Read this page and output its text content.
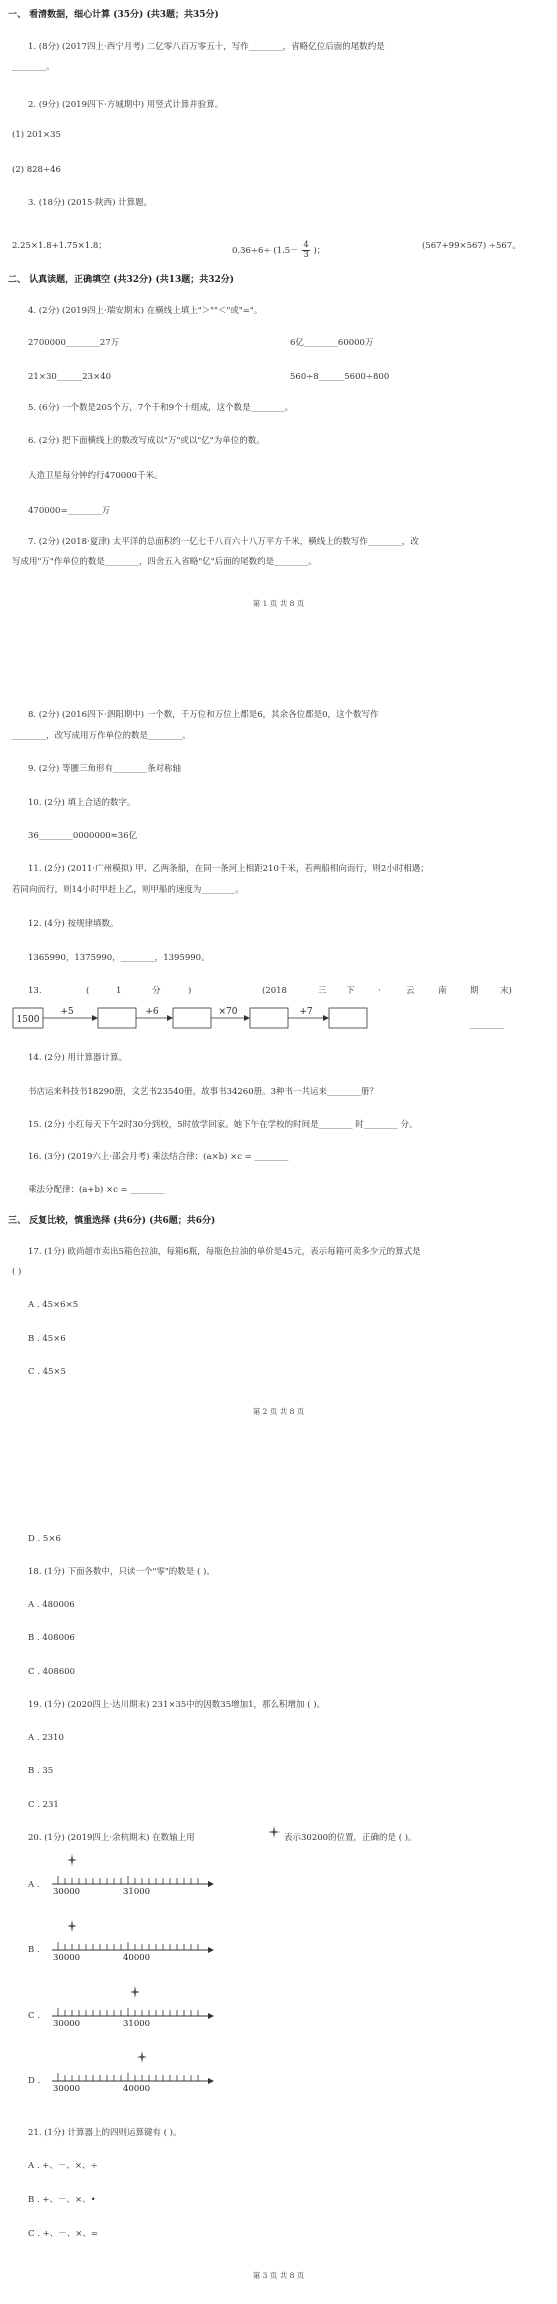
一、 看清数据，细心计算 (35分) (共3题；共35分)
1. (8分) (2017四上·西宁月考) 二亿零八百万零五十，写作________，省略亿位后面的尾数约是
________。
2. (9分) (2019四下·方城期中) 用竖式计算并验算。
(1) 201×35
(2) 828÷46
3. (18分) (2015·陕西) 计算题。
2.25×1.8+1.75×1.8；	$0.36\div 6\div (1.5- \frac{4}{3}$ )；	(567+99×567) ÷567。
二、 认真读题，正确填空 (共32分) (共13题；共32分)
4. (2分) (2019四上·瑞安期末) 在横线上填上"＞""＜"或"="。
2700000________27万	6亿________60000万
21×30______23×40	560÷8______5600÷800
5. (6分) 一个数是205个万，7个千和9个十组成，这个数是________。
6. (2分) 把下面横线上的数改写成以"万"或以"亿"为单位的数。
人造卫星每分钟约行470000千米。
470000=________万
7. (2分) (2018·夏津) 太平洋的总面积约一亿七千八百六十八万平方千米，横线上的数写作________，改
写成用"万"作单位的数是________，四舍五入省略"亿"后面的尾数约是________。
第 1 页 共 8 页
8. (2分) (2016四下·泗阳期中) 一个数，千万位和万位上都是6，其余各位都是0，这个数写作
________，改写成用万作单位的数是________。
9. (2分) 等腰三角形有________条对称轴
10. (2分) 填上合适的数字。
36________0000000≈36亿
11. (2分) (2011·广州模拟) 甲、乙两条船，在同一条河上相距210千米，若两船相向而行，则2小时相遇；
若同向而行，则14小时甲赶上乙，则甲船的速度为________。
12. (4分) 按规律填数。
1365990，1375990，________，1395990。
13.	(	1	分	)	(2018	三 下	·	云	南	期	末)
1500
+5	+6	×70	+7
________
14. (2分) 用计算器计算。
书店运来科技书18290册，文艺书23540册，故事书34260册。3种书一共运来________册？
15. (2分) 小红每天下午2时30分到校，5时放学回家。她下午在学校的时间是________ 时________ 分。
16. (3分) (2019六上·邵会月考) 乘法结合律：(a×b) ×c = ________
乘法分配律：(a+b) ×c = ________
三、 反复比较，慎重选择 (共6分) (共6题；共6分)
17. (1分) 欧尚超市卖出5箱色拉油，每箱6瓶，每瓶色拉油的单价是45元，表示每箱可卖多少元的算式是
( )
A . 45×6×5
B . 45×6
C . 45×5
第 2 页 共 8 页
D . 5×6
18. (1分) 下面各数中，只读一个"零"的数是 ( )。
A . 480006
B . 408006
C . 408600
19. (1分) (2020四上·达川期末) 231×35中的因数35增加1，那么积增加 ( )。
A . 2310
B . 35
C . 231
20. (1分) (2019四上·余杭期末) 在数轴上用	表示30200的位置，正确的是 ( )。
A .
30000	31000
B .
30000	40000
C .
30000	31000
D .
30000	40000
21. (1分) 计算器上的四则运算键有 ( )。
A . +、－、×、÷
B . +、－、×、•
C . +、－、×、=
第 3 页 共 8 页
